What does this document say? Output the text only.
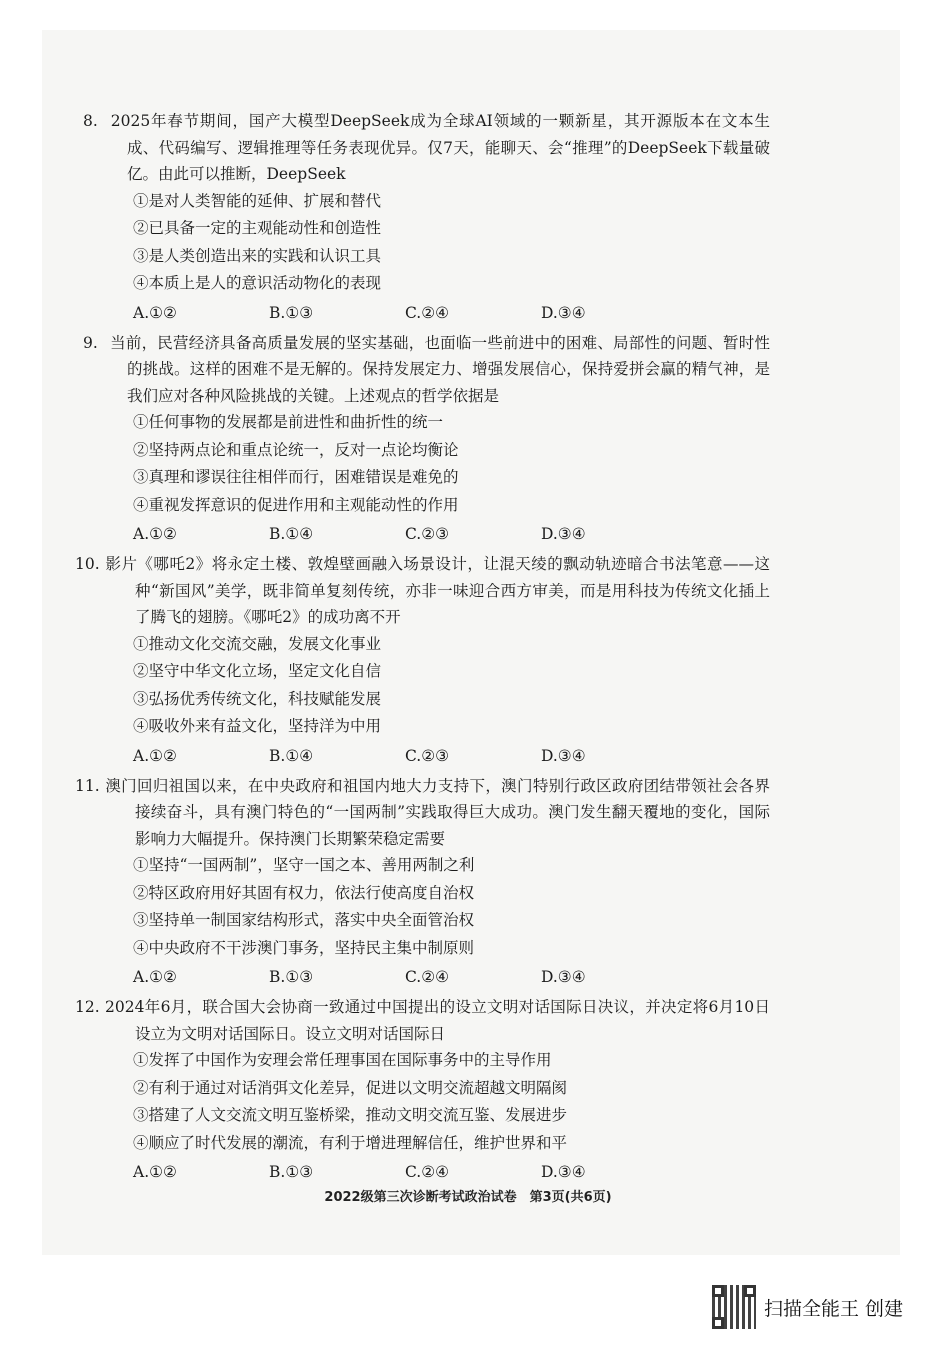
2025年春节期间，国产大模型DeepSeek成为全球AI领域的一颗新星，其开源版本在文本生成、代码编写、逻辑推理等任务表现优异。仅7天，能聊天、会“推理”的DeepSeek下载量破亿。由此可以推断，DeepSeek
①是对人类智能的延伸、扩展和替代
②已具备一定的主观能动性和创造性
③是人类创造出来的实践和认识工具
④本质上是人的意识活动物化的表现
A.①②	B.①③	C.②④	D.③④
当前，民营经济具备高质量发展的坚实基础，也面临一些前进中的困难、局部性的问题、暂时性的挑战。这样的困难不是无解的。保持发展定力、增强发展信心，保持爱拼会赢的精气神，是我们应对各种风险挑战的关键。上述观点的哲学依据是
①任何事物的发展都是前进性和曲折性的统一
②坚持两点论和重点论统一，反对一点论均衡论
③真理和谬误往往相伴而行，困难错误是难免的
④重视发挥意识的促进作用和主观能动性的作用
A.①②	B.①④	C.②③	D.③④
影片《哪吒2》将永定土楼、敦煌壁画融入场景设计，让混天绫的飘动轨迹暗合书法笔意——这种“新国风”美学，既非简单复刻传统，亦非一味迎合西方审美，而是用科技为传统文化插上了腾飞的翅膀。《哪吒2》的成功离不开
①推动文化交流交融，发展文化事业
②坚守中华文化立场，坚定文化自信
③弘扬优秀传统文化，科技赋能发展
④吸收外来有益文化，坚持洋为中用
A.①②	B.①④	C.②③	D.③④
澳门回归祖国以来，在中央政府和祖国内地大力支持下，澳门特别行政区政府团结带领社会各界接续奋斗，具有澳门特色的“一国两制”实践取得巨大成功。澳门发生翻天覆地的变化，国际影响力大幅提升。保持澳门长期繁荣稳定需要
①坚持“一国两制”，坚守一国之本、善用两制之利
②特区政府用好其固有权力，依法行使高度自治权
③坚持单一制国家结构形式，落实中央全面管治权
④中央政府不干涉澳门事务，坚持民主集中制原则
A.①②	B.①③	C.②④	D.③④
2024年6月，联合国大会协商一致通过中国提出的设立文明对话国际日决议，并决定将6月10日设立为文明对话国际日。设立文明对话国际日
①发挥了中国作为安理会常任理事国在国际事务中的主导作用
②有利于通过对话消弭文化差异，促进以文明交流超越文明隔阂
③搭建了人文交流文明互鉴桥梁，推动文明交流互鉴、发展进步
④顺应了时代发展的潮流，有利于增进理解信任，维护世界和平
A.①②	B.①③	C.②④	D.③④
2022级第三次诊断考试政治试卷　第3页(共6页)
扫描全能王 创建
